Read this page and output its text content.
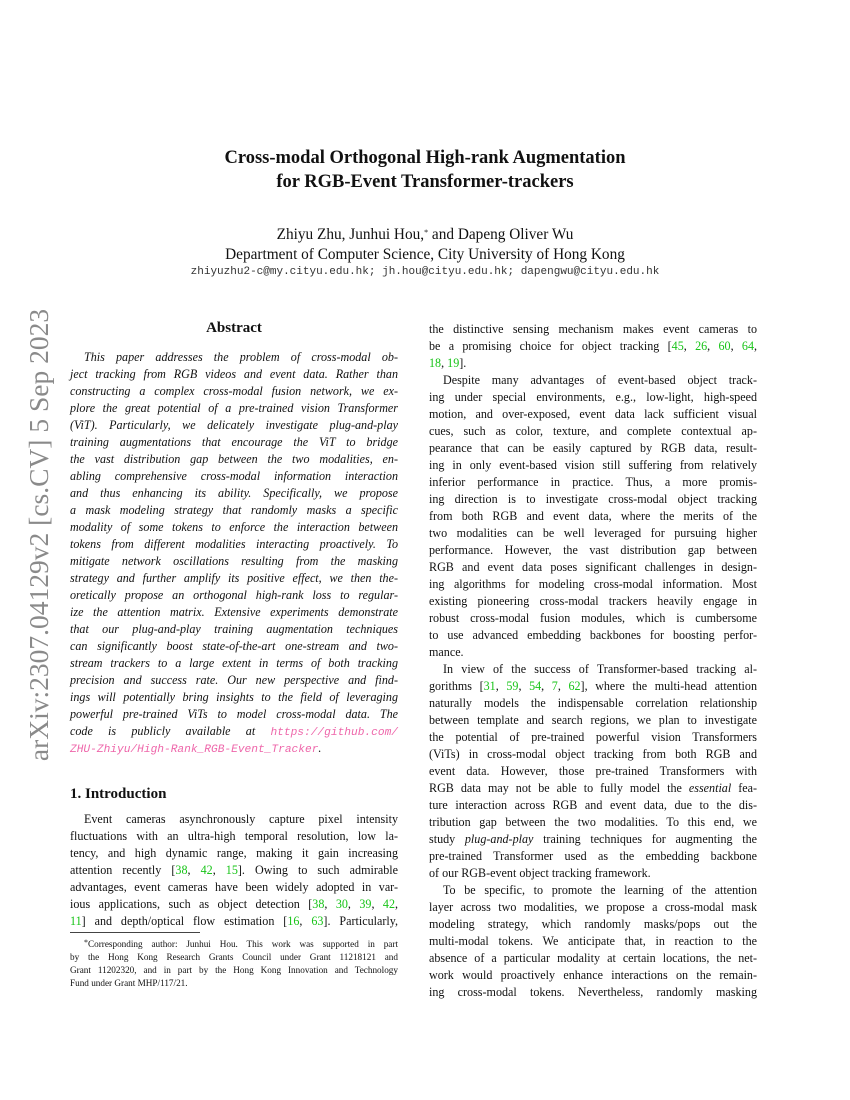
arXiv:2307.04129v2 [cs.CV] 5 Sep 2023
Cross-modal Orthogonal High-rank Augmentation
for RGB-Event Transformer-trackers
Zhiyu Zhu, Junhui Hou,* and Dapeng Oliver Wu
Department of Computer Science, City University of Hong Kong
zhiyuzhu2-c@my.cityu.edu.hk; jh.hou@cityu.edu.hk; dapengwu@cityu.edu.hk
Abstract
This paper addresses the problem of cross-modal ob-
ject tracking from RGB videos and event data. Rather than
constructing a complex cross-modal fusion network, we ex-
plore the great potential of a pre-trained vision Transformer
(ViT). Particularly, we delicately investigate plug-and-play
training augmentations that encourage the ViT to bridge
the vast distribution gap between the two modalities, en-
abling comprehensive cross-modal information interaction
and thus enhancing its ability. Specifically, we propose
a mask modeling strategy that randomly masks a specific
modality of some tokens to enforce the interaction between
tokens from different modalities interacting proactively. To
mitigate network oscillations resulting from the masking
strategy and further amplify its positive effect, we then the-
oretically propose an orthogonal high-rank loss to regular-
ize the attention matrix. Extensive experiments demonstrate
that our plug-and-play training augmentation techniques
can significantly boost state-of-the-art one-stream and two-
stream trackers to a large extent in terms of both tracking
precision and success rate. Our new perspective and find-
ings will potentially bring insights to the field of leveraging
powerful pre-trained ViTs to model cross-modal data. The
code is publicly available at https://github.com/
ZHU-Zhiyu/High-Rank_RGB-Event_Tracker.
1. Introduction
Event cameras asynchronously capture pixel intensity
fluctuations with an ultra-high temporal resolution, low la-
tency, and high dynamic range, making it gain increasing
attention recently [38, 42, 15]. Owing to such admirable
advantages, event cameras have been widely adopted in var-
ious applications, such as object detection [38, 30, 39, 42,
11] and depth/optical flow estimation [16, 63]. Particularly,
*Corresponding author: Junhui Hou. This work was supported in part
by the Hong Kong Research Grants Council under Grant 11218121 and
Grant 11202320, and in part by the Hong Kong Innovation and Technology
Fund under Grant MHP/117/21.
the distinctive sensing mechanism makes event cameras to
be a promising choice for object tracking [45, 26, 60, 64,
18, 19].
Despite many advantages of event-based object track-
ing under special environments, e.g., low-light, high-speed
motion, and over-exposed, event data lack sufficient visual
cues, such as color, texture, and complete contextual ap-
pearance that can be easily captured by RGB data, result-
ing in only event-based vision still suffering from relatively
inferior performance in practice. Thus, a more promis-
ing direction is to investigate cross-modal object tracking
from both RGB and event data, where the merits of the
two modalities can be well leveraged for pursuing higher
performance. However, the vast distribution gap between
RGB and event data poses significant challenges in design-
ing algorithms for modeling cross-modal information. Most
existing pioneering cross-modal trackers heavily engage in
robust cross-modal fusion modules, which is cumbersome
to use advanced embedding backbones for boosting perfor-
mance.
In view of the success of Transformer-based tracking al-
gorithms [31, 59, 54, 7, 62], where the multi-head attention
naturally models the indispensable correlation relationship
between template and search regions, we plan to investigate
the potential of pre-trained powerful vision Transformers
(ViTs) in cross-modal object tracking from both RGB and
event data. However, those pre-trained Transformers with
RGB data may not be able to fully model the essential fea-
ture interaction across RGB and event data, due to the dis-
tribution gap between the two modalities. To this end, we
study plug-and-play training techniques for augmenting the
pre-trained Transformer used as the embedding backbone
of our RGB-event object tracking framework.
To be specific, to promote the learning of the attention
layer across two modalities, we propose a cross-modal mask
modeling strategy, which randomly masks/pops out the
multi-modal tokens. We anticipate that, in reaction to the
absence of a particular modality at certain locations, the net-
work would proactively enhance interactions on the remain-
ing cross-modal tokens. Nevertheless, randomly masking
